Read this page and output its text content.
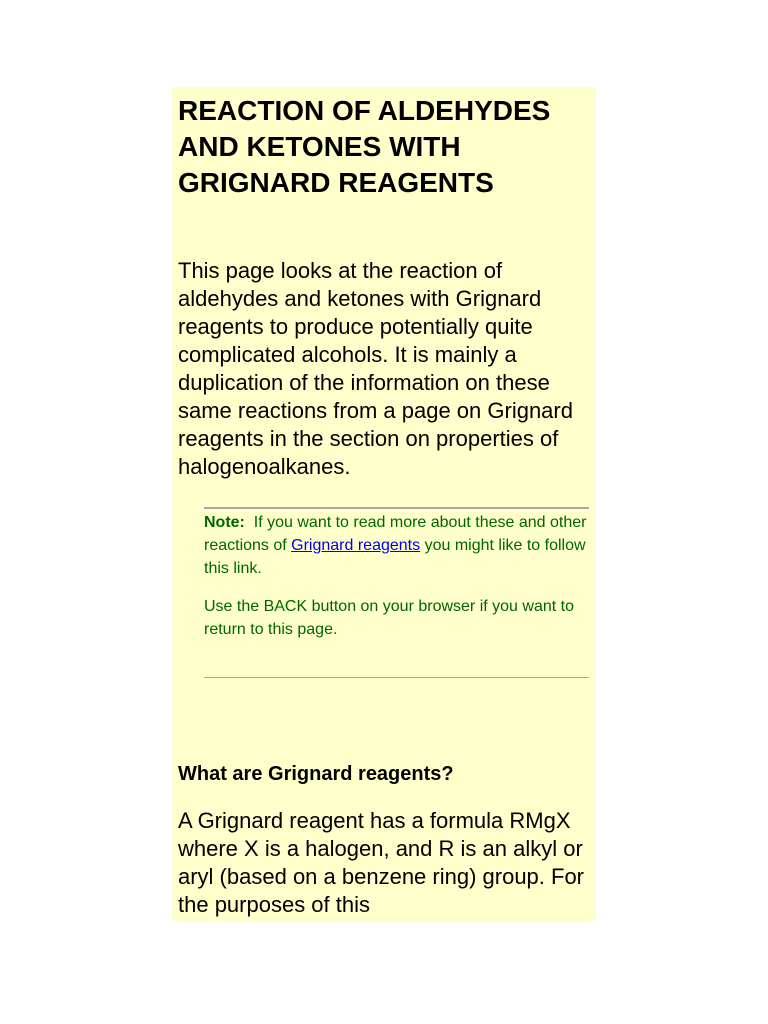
REACTION OF ALDEHYDES AND KETONES WITH GRIGNARD REAGENTS

This page looks at the reaction of aldehydes and ketones with Grignard reagents to produce potentially quite complicated alcohols. It is mainly a duplication of the information on these same reactions from a page on Grignard reagents in the section on properties of halogenoalkanes.

Note: If you want to read more about these and other reactions of Grignard reagents you might like to follow this link.

Use the BACK button on your browser if you want to return to this page.

What are Grignard reagents?

A Grignard reagent has a formula RMgX where X is a halogen, and R is an alkyl or aryl (based on a benzene ring) group. For the purposes of this
